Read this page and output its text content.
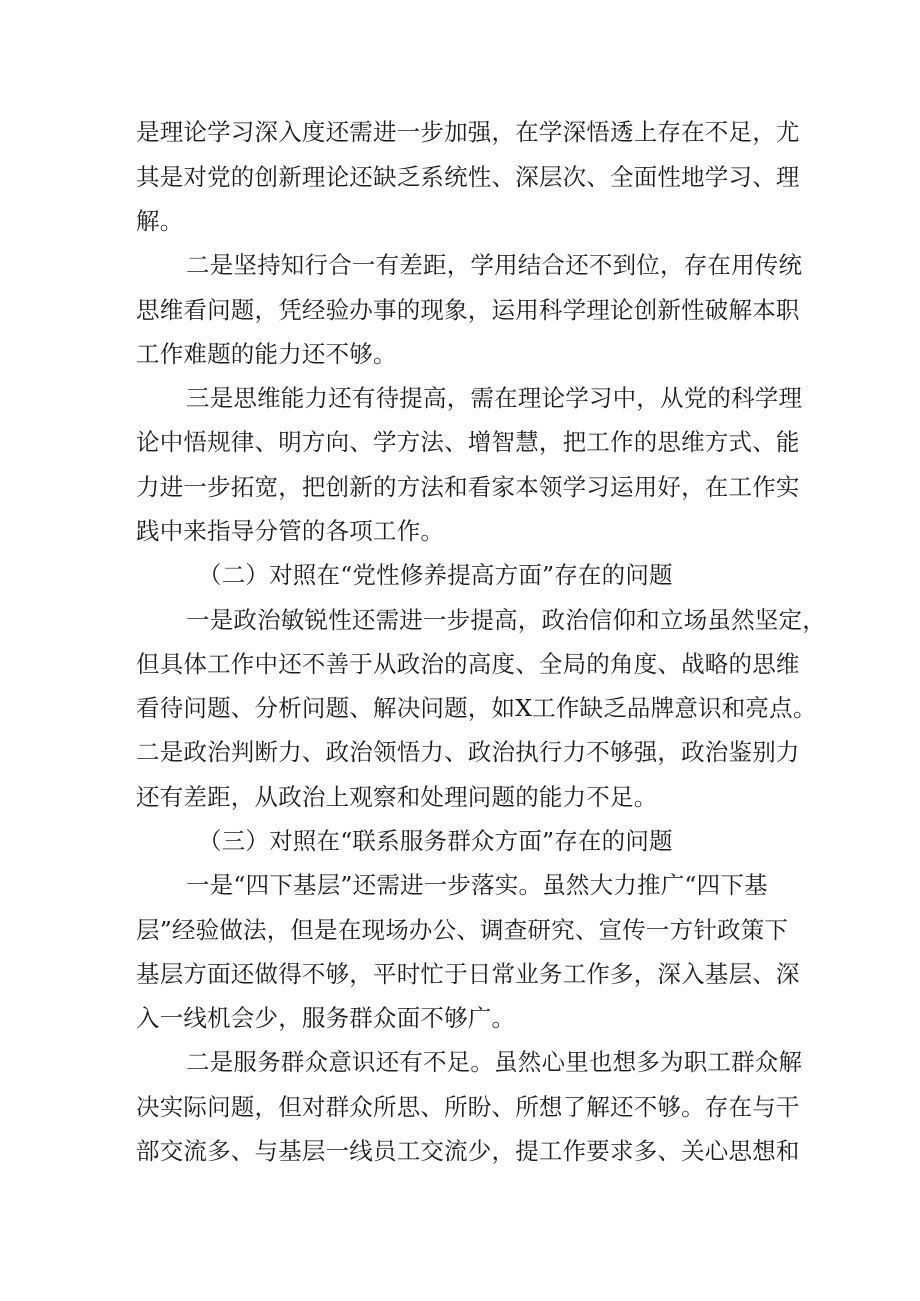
是理论学习深入度还需进一步加强，在学深悟透上存在不足，尤
其是对党的创新理论还缺乏系统性、深层次、全面性地学习、理
解。
二是坚持知行合一有差距，学用结合还不到位，存在用传统
思维看问题，凭经验办事的现象，运用科学理论创新性破解本职
工作难题的能力还不够。
三是思维能力还有待提高，需在理论学习中，从党的科学理
论中悟规律、明方向、学方法、增智慧，把工作的思维方式、能
力进一步拓宽，把创新的方法和看家本领学习运用好，在工作实
践中来指导分管的各项工作。
（二）对照在“党性修养提高方面”存在的问题
一是政治敏锐性还需进一步提高，政治信仰和立场虽然坚定，
但具体工作中还不善于从政治的高度、全局的角度、战略的思维
看待问题、分析问题、解决问题，如X工作缺乏品牌意识和亮点。
二是政治判断力、政治领悟力、政治执行力不够强，政治鉴别力
还有差距，从政治上观察和处理问题的能力不足。
（三）对照在“联系服务群众方面”存在的问题
一是“四下基层”还需进一步落实。虽然大力推广“四下基
层”经验做法，但是在现场办公、调查研究、宣传一方针政策下
基层方面还做得不够，平时忙于日常业务工作多，深入基层、深
入一线机会少，服务群众面不够广。
二是服务群众意识还有不足。虽然心里也想多为职工群众解
决实际问题，但对群众所思、所盼、所想了解还不够。存在与干
部交流多、与基层一线员工交流少，提工作要求多、关心思想和
